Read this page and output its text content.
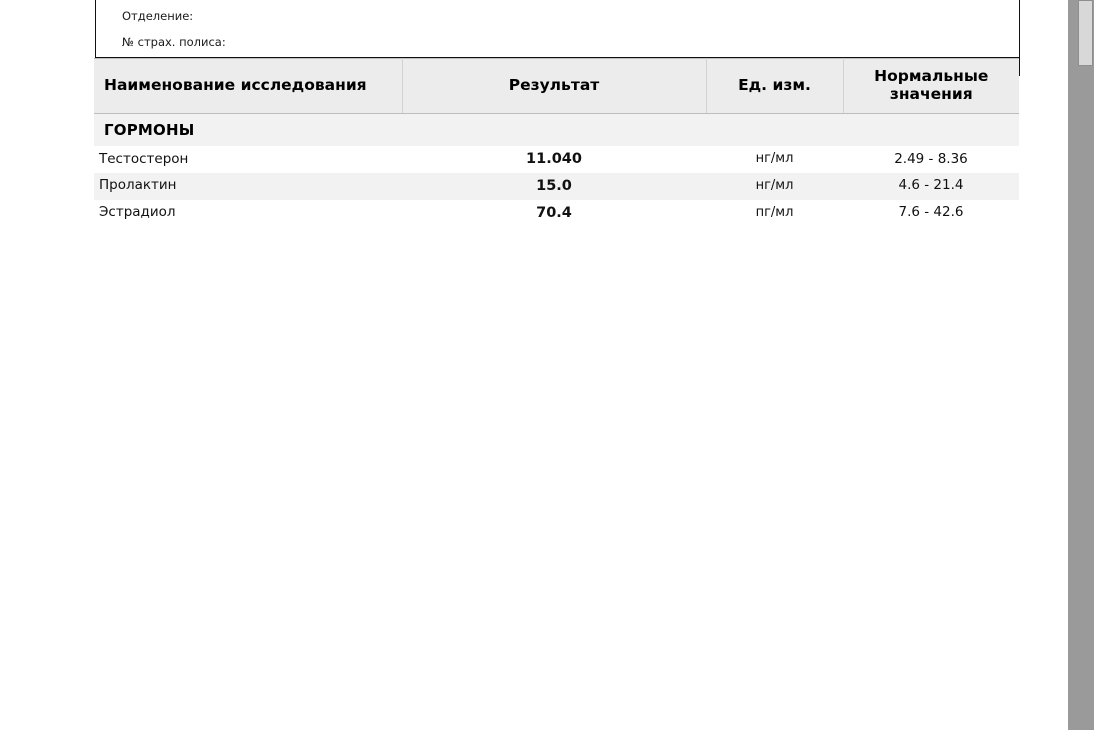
Отделение:
№ страх. полиса:
Наименование исследования	Результат	Ед. изм.	Нормальные значения
ГОРМОНЫ			
Тестостерон	11.040	нг/мл	2.49 - 8.36
Пролактин	15.0	нг/мл	4.6 - 21.4
Эстрадиол	70.4	пг/мл	7.6 - 42.6
